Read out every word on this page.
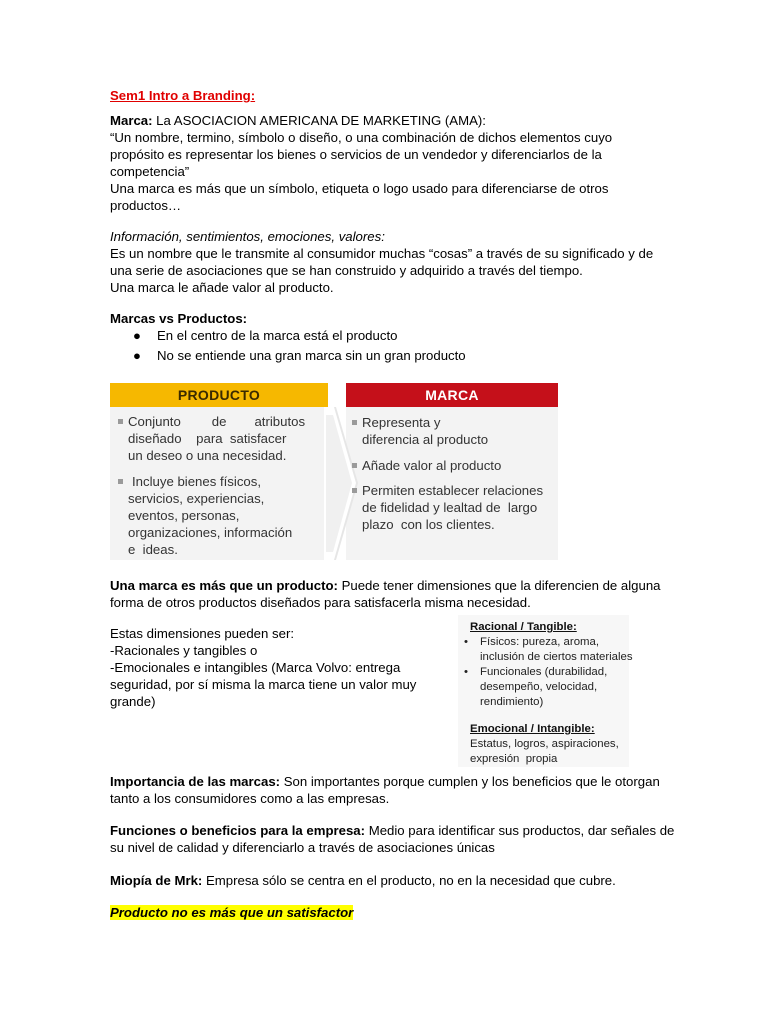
Sem1 Intro a Branding:
Marca: La ASOCIACION AMERICANA DE MARKETING (AMA):
“Un nombre, termino, símbolo o diseño, o una combinación de dichos elementos cuyo
propósito es representar los bienes o servicios de un vendedor y diferenciarlos de la
competencia”
Una marca es más que un símbolo, etiqueta o logo usado para diferenciarse de otros
productos…
Información, sentimientos, emociones, valores:
Es un nombre que le transmite al consumidor muchas “cosas” a través de su significado y de
una serie de asociaciones que se han construido y adquirido a través del tiempo.
Una marca le añade valor al producto.
Marcas vs Productos:
● En el centro de la marca está el producto
● No se entiende una gran marca sin un gran producto
PRODUCTO	MARCA
Conjunto de atributos
diseñado    para  satisfacer
un deseo o una necesidad.
Incluye bienes físicos,
servicios, experiencias,
eventos, personas,
organizaciones, información
e  ideas.
Representa y
diferencia al producto
Añade valor al producto
Permiten establecer relaciones
de fidelidad y lealtad de  largo
plazo  con los clientes.
Una marca es más que un producto: Puede tener dimensiones que la diferencien de alguna
forma de otros productos diseñados para satisfacerla misma necesidad.
Estas dimensiones pueden ser:
-Racionales y tangibles o
-Emocionales e intangibles (Marca Volvo: entrega
seguridad, por sí misma la marca tiene un valor muy
grande)
Racional / Tangible:
• Físicos: pureza, aroma,
inclusión de ciertos materiales
• Funcionales (durabilidad,
desempeño, velocidad,
rendimiento)
Emocional / Intangible:
Estatus, logros, aspiraciones,
expresión  propia
Importancia de las marcas: Son importantes porque cumplen y los beneficios que le otorgan
tanto a los consumidores como a las empresas.
Funciones o beneficios para la empresa: Medio para identificar sus productos, dar señales de
su nivel de calidad y diferenciarlo a través de asociaciones únicas
Miopía de Mrk: Empresa sólo se centra en el producto, no en la necesidad que cubre.
Producto no es más que un satisfactor
